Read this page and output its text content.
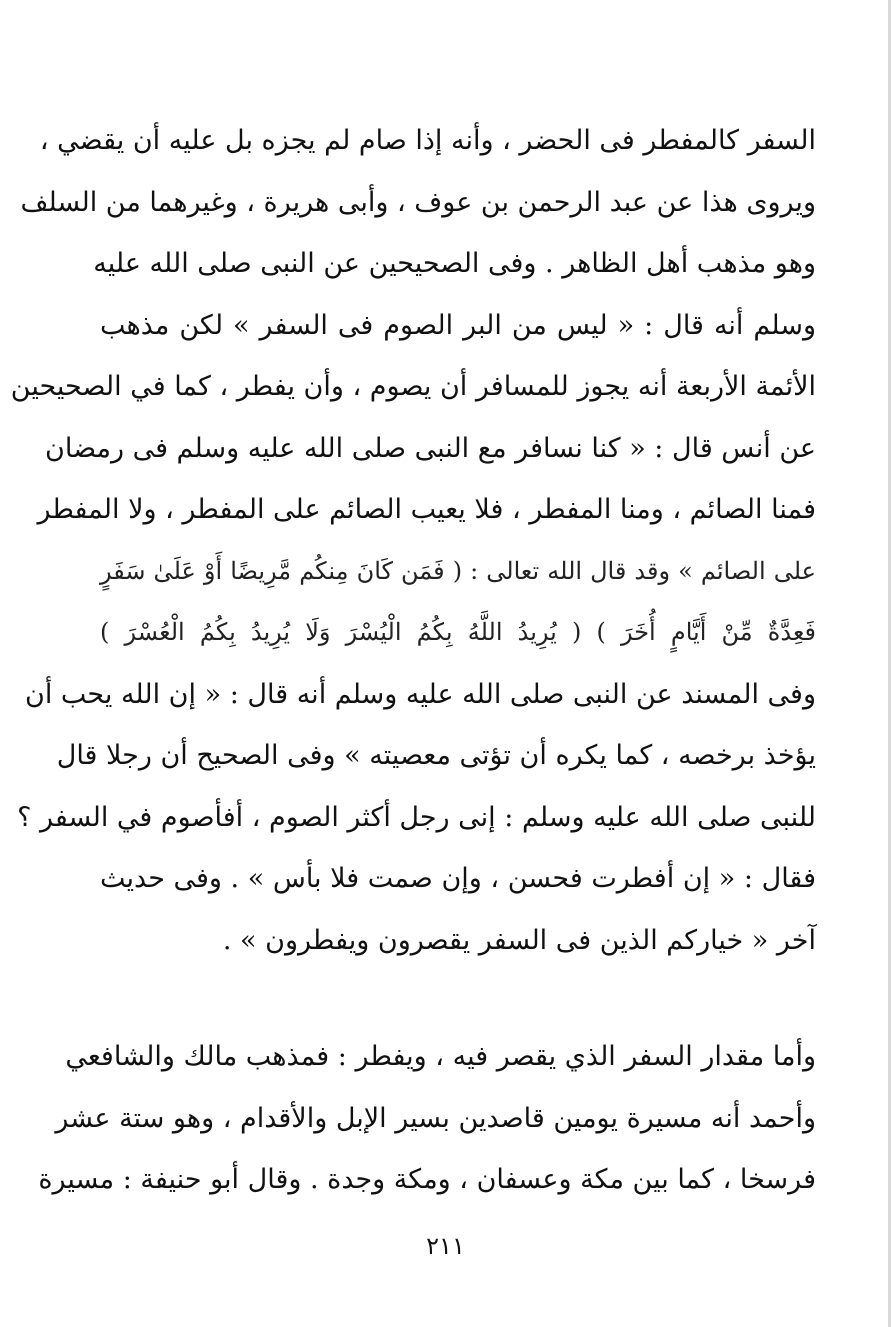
السفر كالمفطر فى الحضر ، وأنه إذا صام لم يجزه بل عليه أن يقضي ،
ويروى هذا عن عبد الرحمن بن عوف ، وأبى هريرة ، وغيرهما من السلف
وهو مذهب أهل الظاهر . وفى الصحيحين عن النبى صلى الله عليه
وسلم أنه قال : « ليس من البر الصوم فى السفر » لكن مذهب
الأئمة الأربعة أنه يجوز للمسافر أن يصوم ، وأن يفطر ، كما في الصحيحين
عن أنس قال : « كنا نسافر مع النبى صلى الله عليه وسلم فى رمضان
فمنا الصائم ، ومنا المفطر ، فلا يعيب الصائم على المفطر ، ولا المفطر
على الصائم » وقد قال الله تعالى : ( فَمَن كَانَ مِنكُم مَّرِيضًا أَوْ عَلَىٰ سَفَرٍ
فَعِدَّةٌ مِّنْ أَيَّامٍ أُخَرَ ) ( يُرِيدُ اللَّهُ بِكُمُ الْيُسْرَ وَلَا يُرِيدُ بِكُمُ الْعُسْرَ )
وفى المسند عن النبى صلى الله عليه وسلم أنه قال : « إن الله يحب أن
يؤخذ برخصه ، كما يكره أن تؤتى معصيته » وفى الصحيح أن رجلا قال
للنبى صلى الله عليه وسلم : إنى رجل أكثر الصوم ، أفأصوم في السفر ؟
فقال : « إن أفطرت فحسن ، وإن صمت فلا بأس » . وفى حديث
آخر « خياركم الذين فى السفر يقصرون ويفطرون » .
وأما مقدار السفر الذي يقصر فيه ، ويفطر : فمذهب مالك والشافعي
وأحمد أنه مسيرة يومين قاصدين بسير الإبل والأقدام ، وهو ستة عشر
فرسخا ، كما بين مكة وعسفان ، ومكة وجدة . وقال أبو حنيفة : مسيرة
٢١١
